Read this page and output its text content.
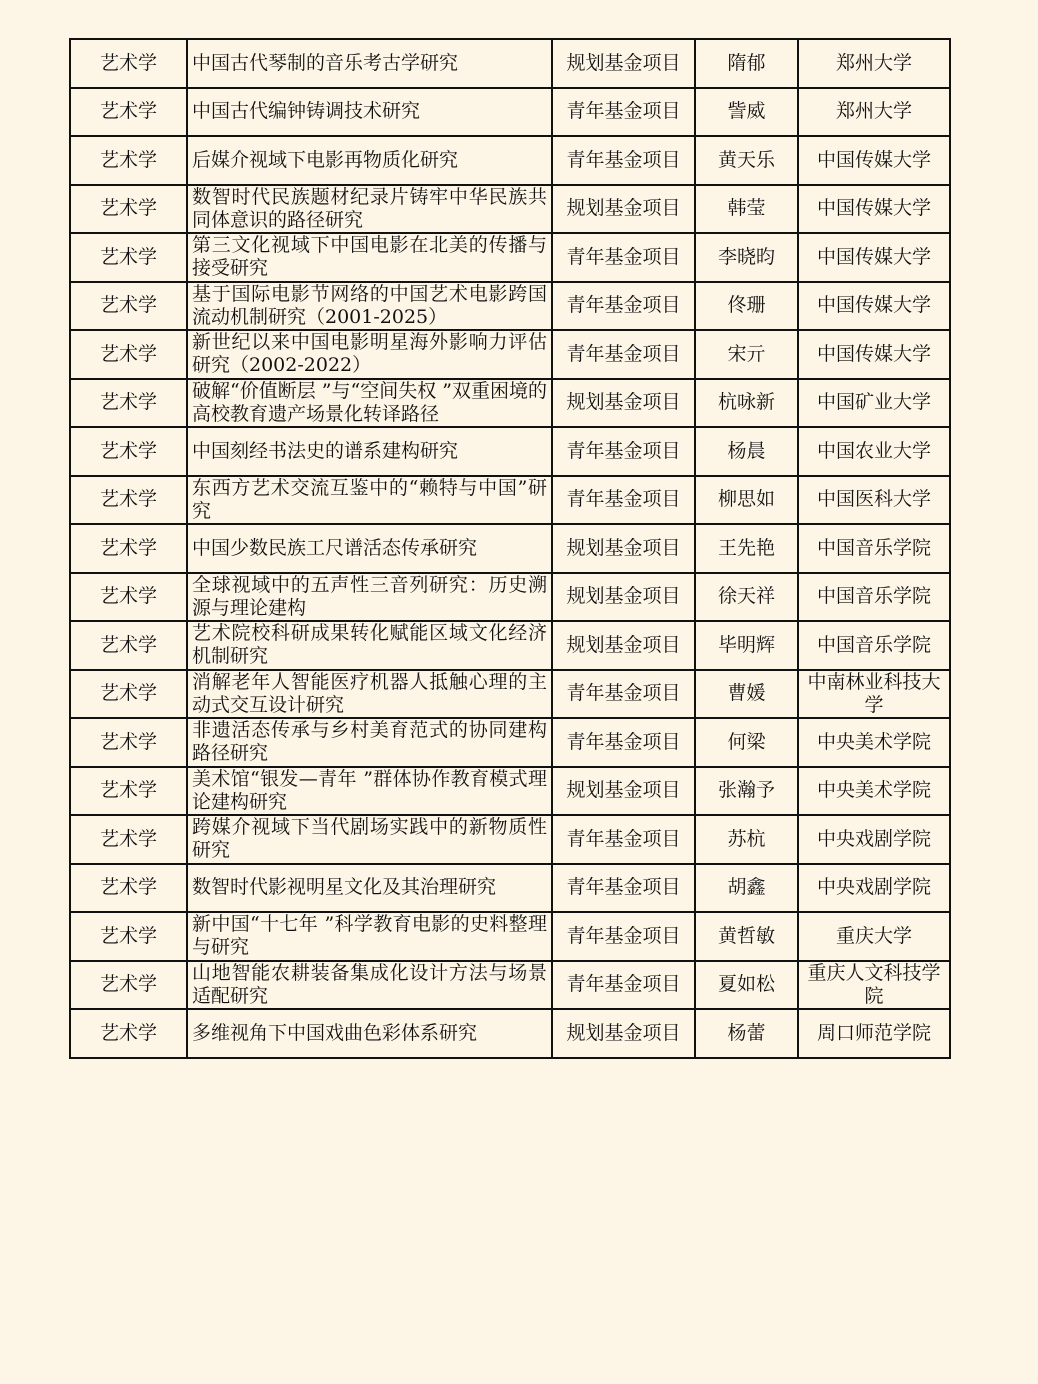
艺术学	中国古代琴制的音乐考古学研究	规划基金项目	隋郁	郑州大学
艺术学	中国古代编钟铸调技术研究	青年基金项目	訾威	郑州大学
艺术学	后媒介视域下电影再物质化研究	青年基金项目	黄天乐	中国传媒大学
艺术学	数智时代民族题材纪录片铸牢中华民族共同体意识的路径研究	规划基金项目	韩莹	中国传媒大学
艺术学	第三文化视域下中国电影在北美的传播与接受研究	青年基金项目	李晓昀	中国传媒大学
艺术学	基于国际电影节网络的中国艺术电影跨国流动机制研究（2001-2025）	青年基金项目	佟珊	中国传媒大学
艺术学	新世纪以来中国电影明星海外影响力评估研究（2002-2022）	青年基金项目	宋亓	中国传媒大学
艺术学	破解“价值断层 ”与“空间失权 ”双重困境的高校教育遗产场景化转译路径	规划基金项目	杭咏新	中国矿业大学
艺术学	中国刻经书法史的谱系建构研究	青年基金项目	杨晨	中国农业大学
艺术学	东西方艺术交流互鉴中的“赖特与中国”研究	青年基金项目	柳思如	中国医科大学
艺术学	中国少数民族工尺谱活态传承研究	规划基金项目	王先艳	中国音乐学院
艺术学	全球视域中的五声性三音列研究：历史溯源与理论建构	规划基金项目	徐天祥	中国音乐学院
艺术学	艺术院校科研成果转化赋能区域文化经济机制研究	规划基金项目	毕明辉	中国音乐学院
艺术学	消解老年人智能医疗机器人抵触心理的主动式交互设计研究	青年基金项目	曹媛	中南林业科技大学
艺术学	非遗活态传承与乡村美育范式的协同建构路径研究	青年基金项目	何梁	中央美术学院
艺术学	美术馆“银发—青年 ”群体协作教育模式理论建构研究	规划基金项目	张瀚予	中央美术学院
艺术学	跨媒介视域下当代剧场实践中的新物质性研究	青年基金项目	苏杭	中央戏剧学院
艺术学	数智时代影视明星文化及其治理研究	青年基金项目	胡鑫	中央戏剧学院
艺术学	新中国“十七年 ”科学教育电影的史料整理与研究	青年基金项目	黄哲敏	重庆大学
艺术学	山地智能农耕装备集成化设计方法与场景适配研究	青年基金项目	夏如松	重庆人文科技学院
艺术学	多维视角下中国戏曲色彩体系研究	规划基金项目	杨蕾	周口师范学院
